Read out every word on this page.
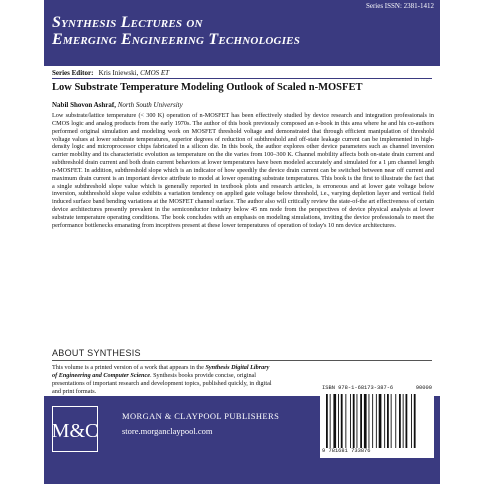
Series ISSN: 2381-1412
Synthesis Lectures on
Emerging Engineering Technologies
Series Editor: Kris Iniewski, CMOS ET
Low Substrate Temperature Modeling Outlook of Scaled n-MOSFET
Nabil Shovon Ashraf, North South University

Low substrate/lattice temperature (< 300 K) operation of n-MOSFET has been effectively studied by device research and integration professionals in CMOS logic and analog products from the early 1970s. The author of this book previously composed an e-book in this area where he and his co-authors performed original simulation and modeling work on MOSFET threshold voltage and demonstrated that through efficient manipulation of threshold voltage values at lower substrate temperatures, superior degrees of reduction of subthreshold and off-state leakage current can be implemented in high-density logic and microprocessor chips fabricated in a silicon die. In this book, the author explores other device parameters such as channel inversion carrier mobility and its characteristic evolution as temperature on the die varies from 100–300 K. Channel mobility affects both on-state drain current and subthreshold drain current and both drain current behaviors at lower temperatures have been modeled accurately and simulated for a 1 μm channel length n-MOSFET. In addition, subthreshold slope which is an indicator of how speedily the device drain current can be switched between near off current and maximum drain current is an important device attribute to model at lower operating substrate temperatures. This book is the first to illustrate the fact that a single subthreshold slope value which is generally reported in textbook plots and research articles, is erroneous and at lower gate voltage below inversion, subthreshold slope value exhibits a variation tendency on applied gate voltage below threshold, i.e., varying depletion layer and vertical field induced surface band bending variations at the MOSFET channel surface. The author also will critically review the state-of-the art effectiveness of certain device architectures presently prevalent in the semiconductor industry below 45 nm node from the perspectives of device physical analysis at lower substrate temperature operating conditions. The book concludes with an emphasis on modeling simulations, inviting the device professionals to meet the performance bottlenecks emanating from inceptives present at these lower temperatures of operation of today's 10 nm device architectures.

ABOUT SYNTHESIS

This volume is a printed version of a work that appears in the Synthesis Digital Library of Engineering and Computer Science. Synthesis books provide concise, original presentations of important research and development topics, published quickly, in digital and print formats.

M&C
MORGAN & CLAYPOOL PUBLISHERS
store.morganclaypool.com
ISBN 978-1-68173-387-6	90000
9 781681 733876
